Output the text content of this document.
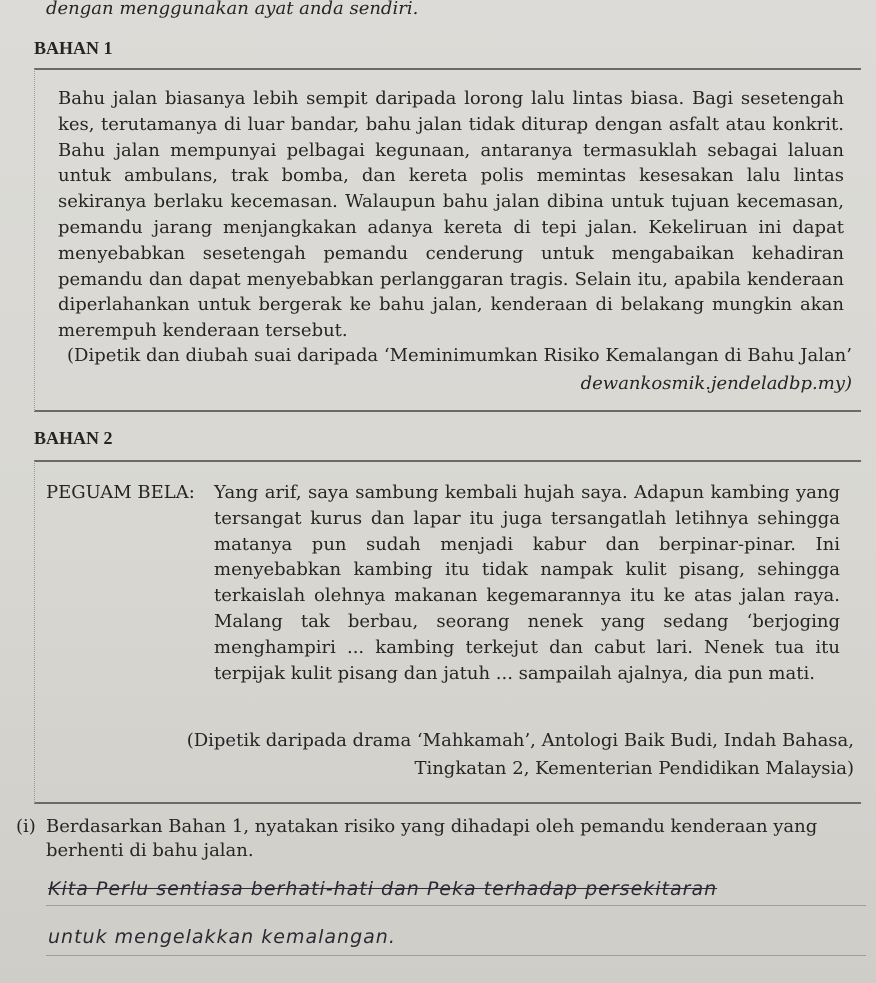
dengan menggunakan ayat anda sendiri.
BAHAN 1
Bahu jalan biasanya lebih sempit daripada lorong lalu lintas biasa. Bagi sesetengah kes, terutamanya di luar bandar, bahu jalan tidak diturap dengan asfalt atau konkrit. Bahu jalan mempunyai pelbagai kegunaan, antaranya termasuklah sebagai laluan untuk ambulans, trak bomba, dan kereta polis memintas kesesakan lalu lintas sekiranya berlaku kecemasan. Walaupun bahu jalan dibina untuk tujuan kecemasan, pemandu jarang menjangkakan adanya kereta di tepi jalan. Kekeliruan ini dapat menyebabkan sesetengah pemandu cenderung untuk mengabaikan kehadiran pemandu dan dapat menyebabkan perlanggaran tragis. Selain itu, apabila kenderaan diperlahankan untuk bergerak ke bahu jalan, kenderaan di belakang mungkin akan merempuh kenderaan tersebut.
(Dipetik dan diubah suai daripada ‘Meminimumkan Risiko Kemalangan di Bahu Jalan’
dewankosmik.jendeladbp.my)
BAHAN 2
PEGUAM BELA: Yang arif, saya sambung kembali hujah saya. Adapun kambing yang tersangat kurus dan lapar itu juga tersangatlah letihnya sehingga matanya pun sudah menjadi kabur dan berpinar-pinar. Ini menyebabkan kambing itu tidak nampak kulit pisang, sehingga terkaislah olehnya makanan kegemarannya itu ke atas jalan raya. Malang tak berbau, seorang nenek yang sedang ‘berjoging menghampiri ... kambing terkejut dan cabut lari. Nenek tua itu terpijak kulit pisang dan jatuh ... sampailah ajalnya, dia pun mati.
(Dipetik daripada drama ‘Mahkamah’, Antologi Baik Budi, Indah Bahasa,
Tingkatan 2, Kementerian Pendidikan Malaysia)
(i) Berdasarkan Bahan 1, nyatakan risiko yang dihadapi oleh pemandu kenderaan yang berhenti di bahu jalan.
Kita Perlu sentiasa berhati-hati dan Peka terhadap persekitaran
untuk mengelakkan kemalangan.
